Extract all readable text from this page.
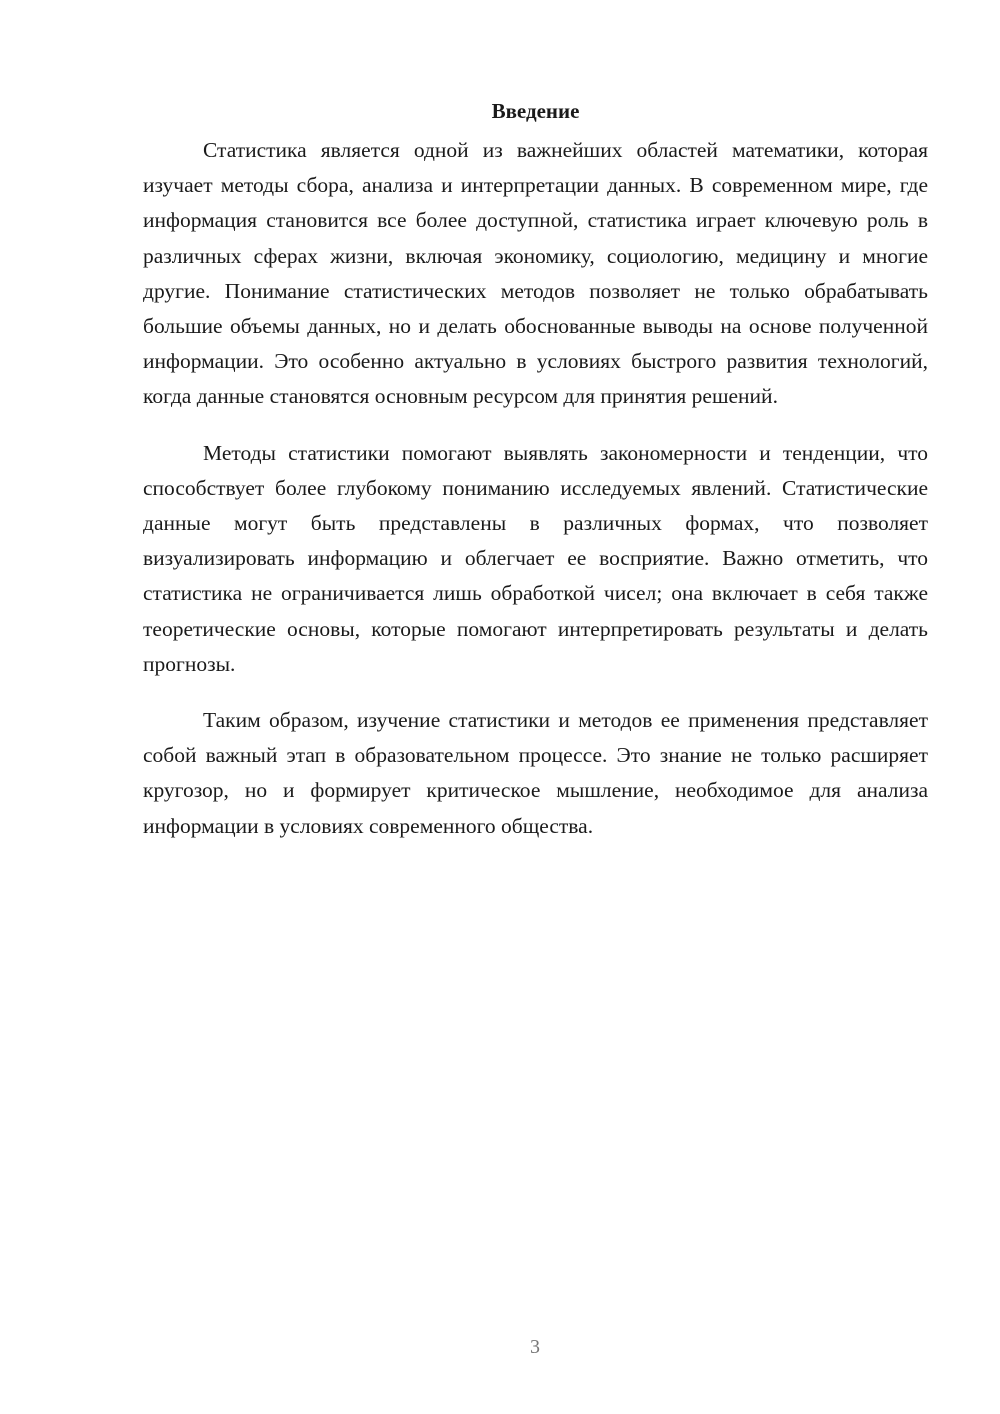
Введение

Статистика является одной из важнейших областей математики, которая изучает методы сбора, анализа и интерпретации данных. В современном мире, где информация становится все более доступной, статистика играет ключевую роль в различных сферах жизни, включая экономику, социологию, медицину и многие другие. Понимание статистических методов позволяет не только обрабатывать большие объемы данных, но и делать обоснованные выводы на основе полученной информации. Это особенно актуально в условиях быстрого развития технологий, когда данные становятся основным ресурсом для принятия решений.

Методы статистики помогают выявлять закономерности и тенденции, что способствует более глубокому пониманию исследуемых явлений. Статистические данные могут быть представлены в различных формах, что позволяет визуализировать информацию и облегчает ее восприятие. Важно отметить, что статистика не ограничивается лишь обработкой чисел; она включает в себя также теоретические основы, которые помогают интерпретировать результаты и делать прогнозы.

Таким образом, изучение статистики и методов ее применения представляет собой важный этап в образовательном процессе. Это знание не только расширяет кругозор, но и формирует критическое мышление, необходимое для анализа информации в условиях современного общества.

3
